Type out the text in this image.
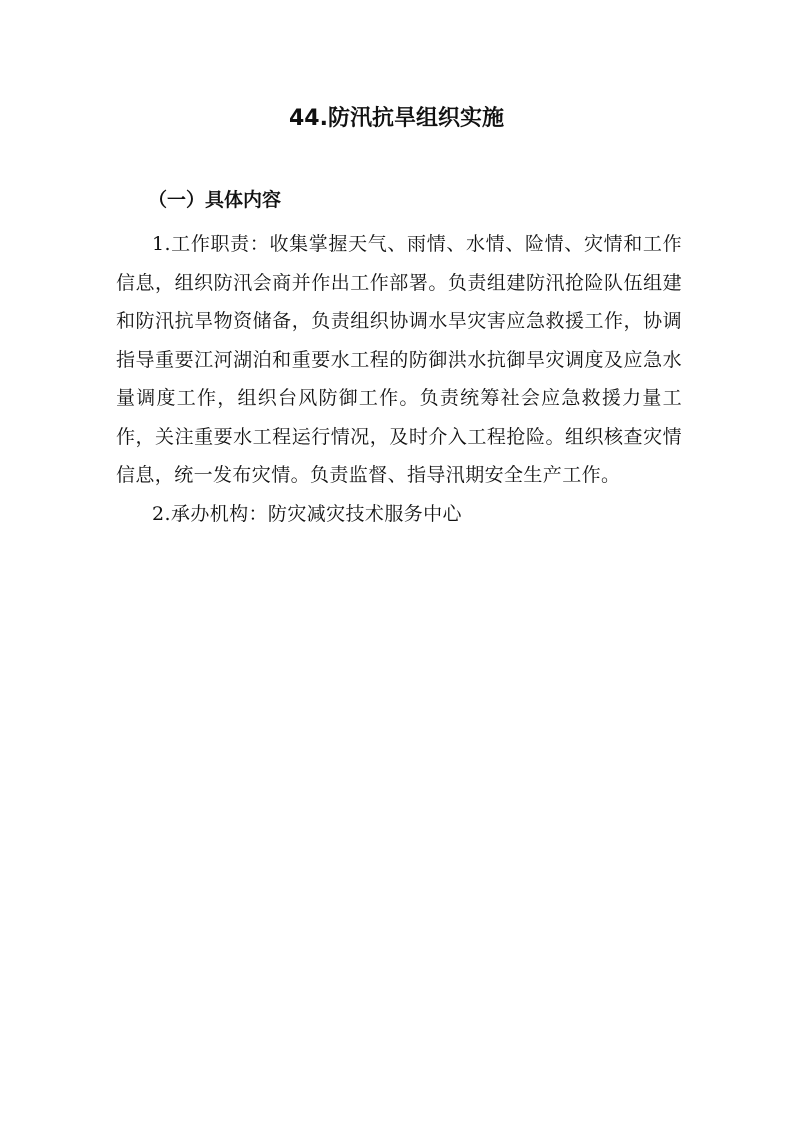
44.防汛抗旱组织实施
（一）具体内容

1.工作职责：收集掌握天气、雨情、水情、险情、灾情和工作信息，组织防汛会商并作出工作部署。负责组建防汛抢险队伍组建和防汛抗旱物资储备，负责组织协调水旱灾害应急救援工作，协调指导重要江河湖泊和重要水工程的防御洪水抗御旱灾调度及应急水量调度工作，组织台风防御工作。负责统筹社会应急救援力量工作，关注重要水工程运行情况，及时介入工程抢险。组织核查灾情信息，统一发布灾情。负责监督、指导汛期安全生产工作。

2.承办机构：防灾减灾技术服务中心
